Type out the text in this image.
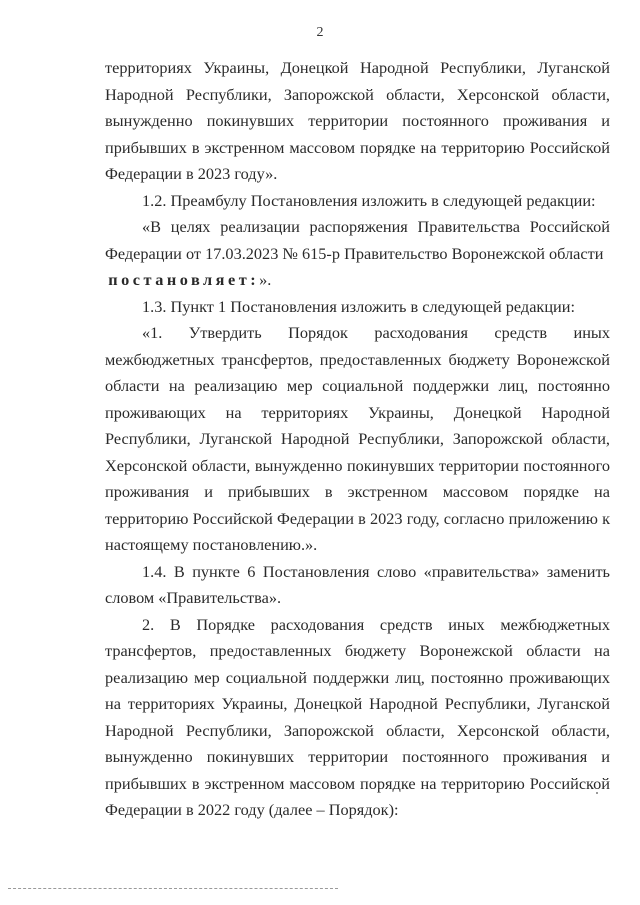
2

территориях Украины, Донецкой Народной Республики, Луганской Народной Республики, Запорожской области, Херсонской области, вынужденно покинувших территории постоянного проживания и прибывших в экстренном массовом порядке на территорию Российской Федерации в 2023 году».

1.2. Преамбулу Постановления изложить в следующей редакции:

«В целях реализации распоряжения Правительства Российской Федерации от 17.03.2023 № 615-р Правительство Воронежской области

 постановляет:».

1.3. Пункт 1 Постановления изложить в следующей редакции:

«1. Утвердить Порядок расходования средств иных межбюджетных трансфертов, предоставленных бюджету Воронежской области на реализацию мер социальной поддержки лиц, постоянно проживающих на территориях Украины, Донецкой Народной Республики, Луганской Народной Республики, Запорожской области, Херсонской области, вынужденно покинувших территории постоянного проживания и прибывших в экстренном массовом порядке на территорию Российской Федерации в 2023 году, согласно приложению к настоящему постановлению.».

1.4. В пункте 6 Постановления слово «правительства» заменить словом «Правительства».

2. В Порядке расходования средств иных межбюджетных трансфертов, предоставленных бюджету Воронежской области на реализацию мер социальной поддержки лиц, постоянно проживающих на территориях Украины, Донецкой Народной Республики, Луганской Народной Республики, Запорожской области, Херсонской области, вынужденно покинувших территории постоянного проживания и прибывших в экстренном массовом порядке на территорию Российской Федерации в 2022 году (далее – Порядок):
